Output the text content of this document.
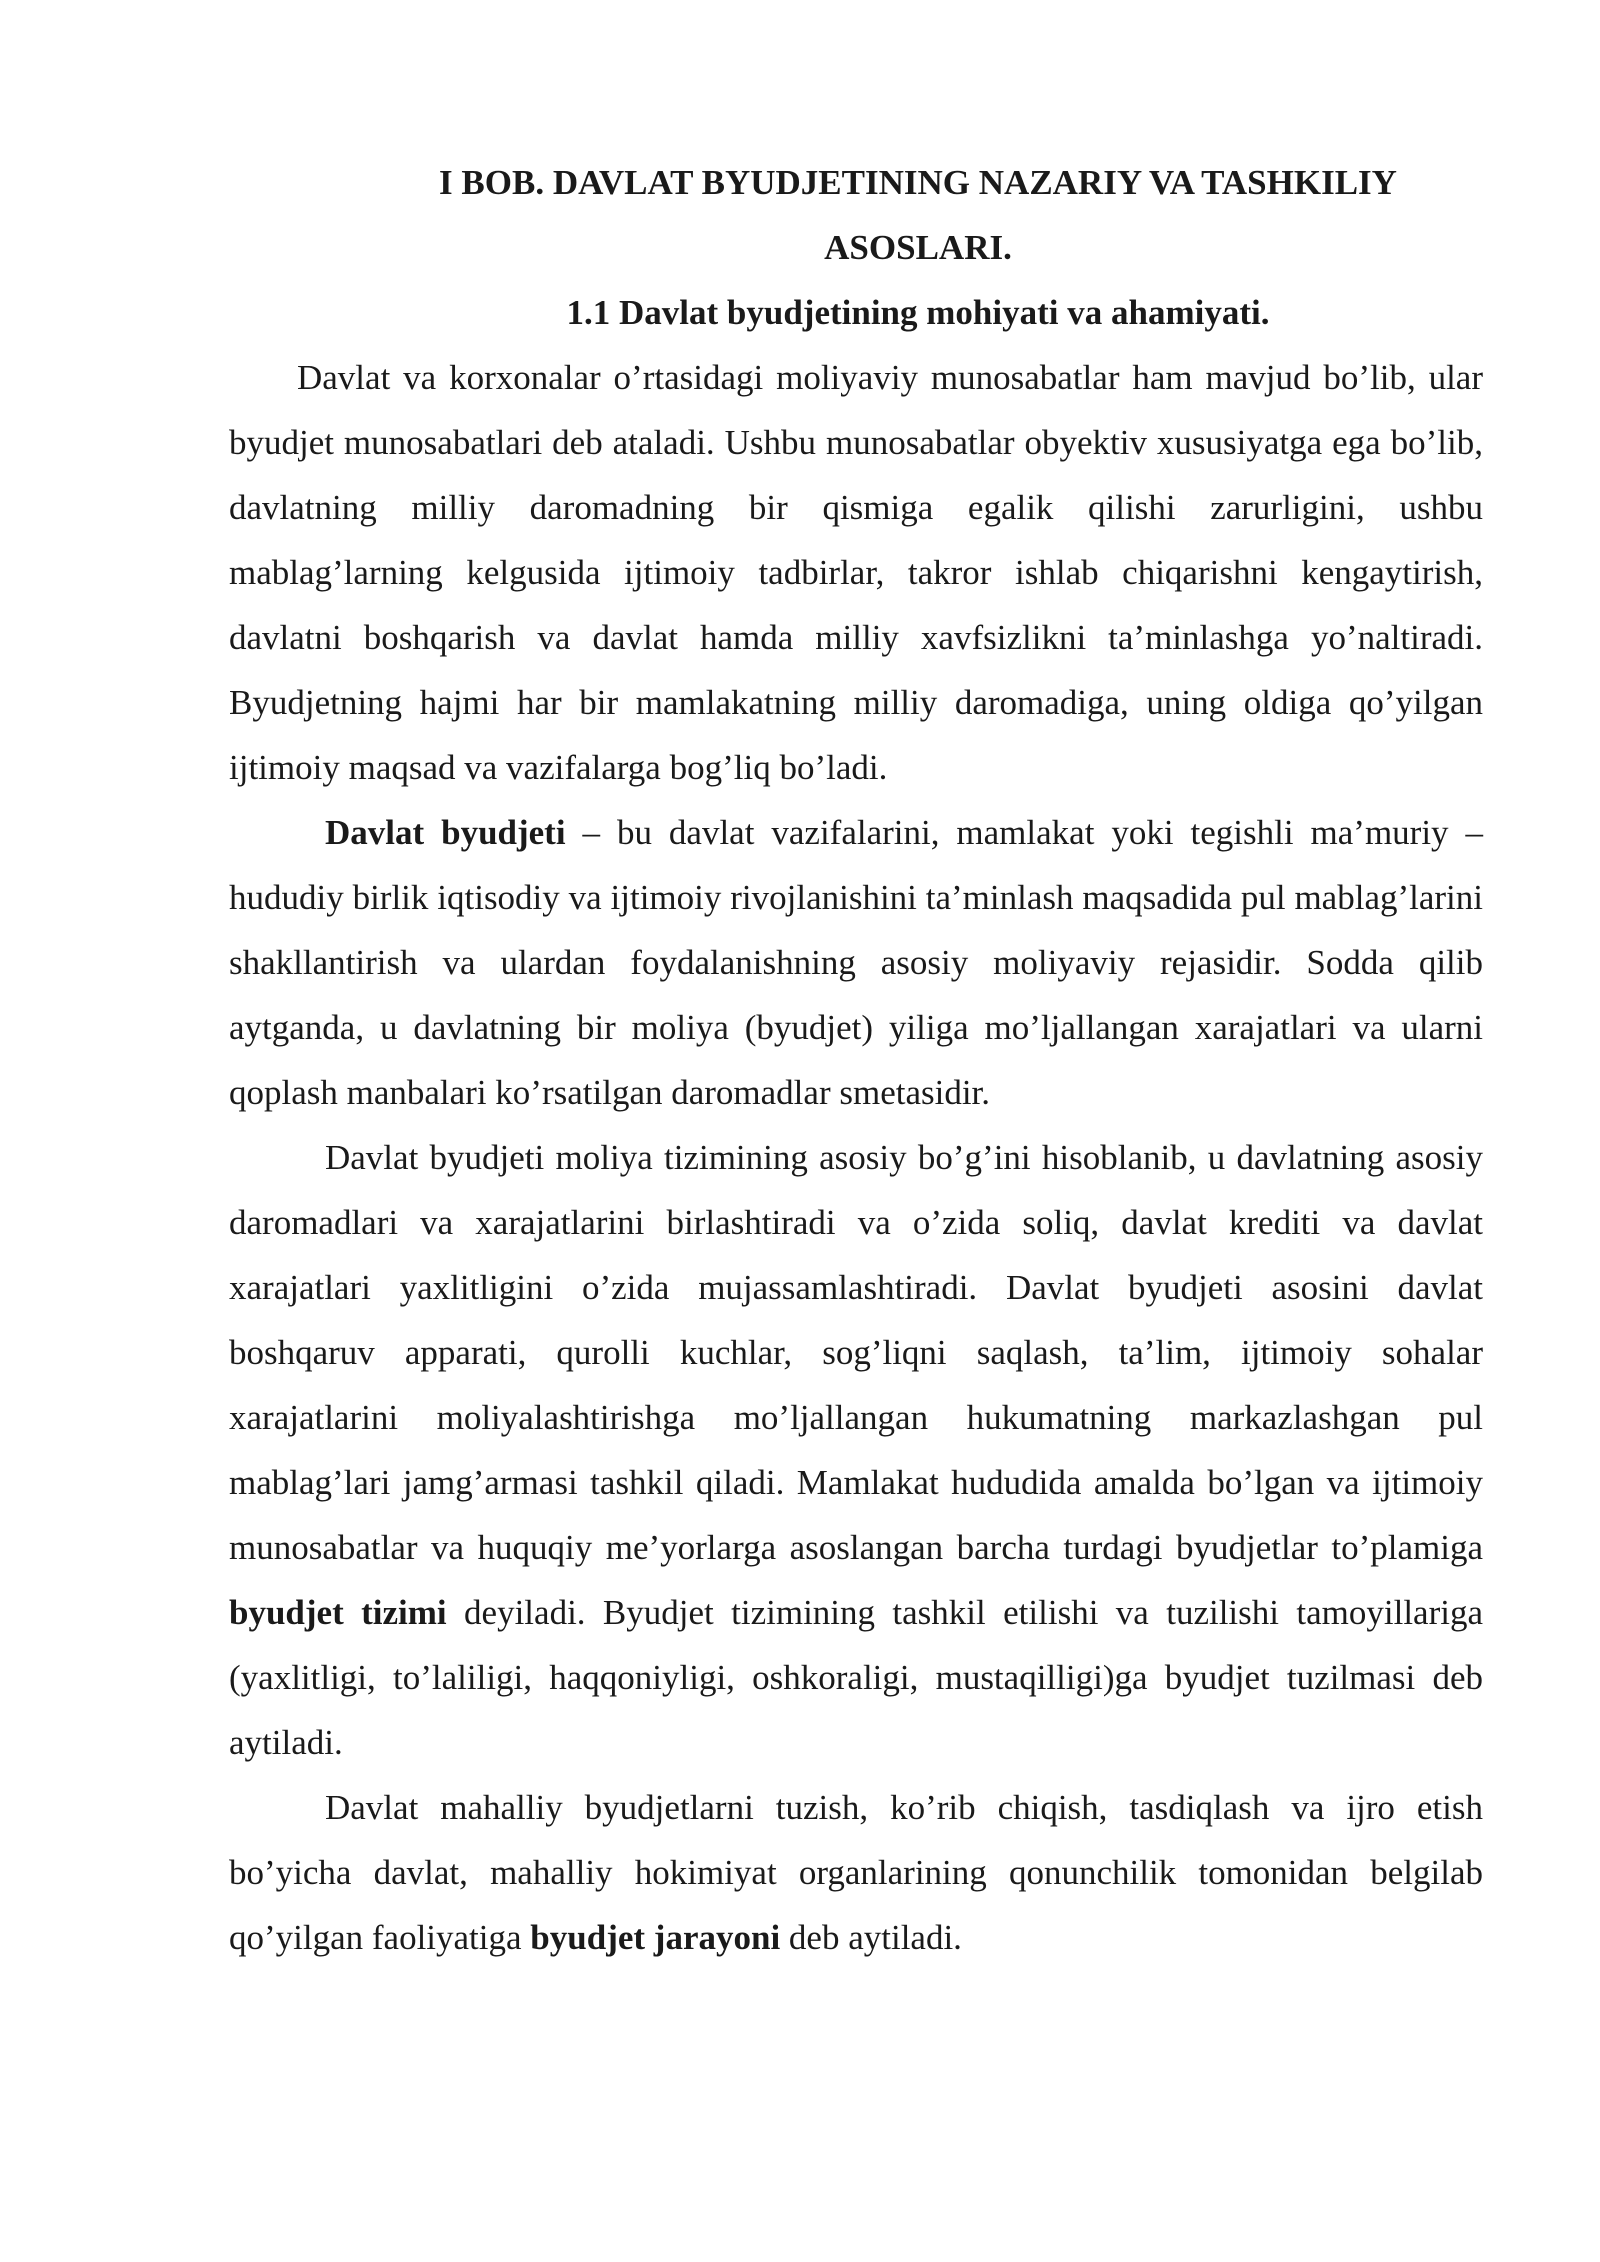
I BOB. DAVLAT BYUDJETINING NAZARIY VA TASHKILIY ASOSLARI.
1.1 Davlat byudjetining mohiyati va ahamiyati.

Davlat va korxonalar o’rtasidagi moliyaviy munosabatlar ham mavjud bo’lib, ular byudjet munosabatlari deb ataladi. Ushbu munosabatlar obyektiv xususiyatga ega bo’lib, davlatning milliy daromadning bir qismiga egalik qilishi zarurligini, ushbu mablag’larning kelgusida ijtimoiy tadbirlar, takror ishlab chiqarishni kengaytirish, davlatni boshqarish va davlat hamda milliy xavfsizlikni ta’minlashga yo’naltiradi. Byudjetning hajmi har bir mamlakatning milliy daromadiga, uning oldiga qo’yilgan ijtimoiy maqsad va vazifalarga bog’liq bo’ladi.

Davlat byudjeti – bu davlat vazifalarini, mamlakat yoki tegishli ma’muriy – hududiy birlik iqtisodiy va ijtimoiy rivojlanishini ta’minlash maqsadida pul mablag’larini shakllantirish va ulardan foydalanishning asosiy moliyaviy rejasidir. Sodda qilib aytganda, u davlatning bir moliya (byudjet) yiliga mo’ljallangan xarajatlari va ularni qoplash manbalari ko’rsatilgan daromadlar smetasidir.

Davlat byudjeti moliya tizimining asosiy bo’g’ini hisoblanib, u davlatning asosiy daromadlari va xarajatlarini birlashtiradi va o’zida soliq, davlat krediti va davlat xarajatlari yaxlitligini o’zida mujassamlashtiradi. Davlat byudjeti asosini davlat boshqaruv apparati, qurolli kuchlar, sog’liqni saqlash, ta’lim, ijtimoiy sohalar xarajatlarini moliyalashtirishga mo’ljallangan hukumatning markazlashgan pul mablag’lari jamg’armasi tashkil qiladi. Mamlakat hududida amalda bo’lgan va ijtimoiy munosabatlar va huquqiy me’yorlarga asoslangan barcha turdagi byudjetlar to’plamiga byudjet tizimi deyiladi. Byudjet tizimining tashkil etilishi va tuzilishi tamoyillariga (yaxlitligi, to’laliligi, haqqoniyligi, oshkoraligi, mustaqilligi)ga byudjet tuzilmasi deb aytiladi.

Davlat mahalliy byudjetlarni tuzish, ko’rib chiqish, tasdiqlash va ijro etish bo’yicha davlat, mahalliy hokimiyat organlarining qonunchilik tomonidan belgilab qo’yilgan faoliyatiga byudjet jarayoni deb aytiladi.
